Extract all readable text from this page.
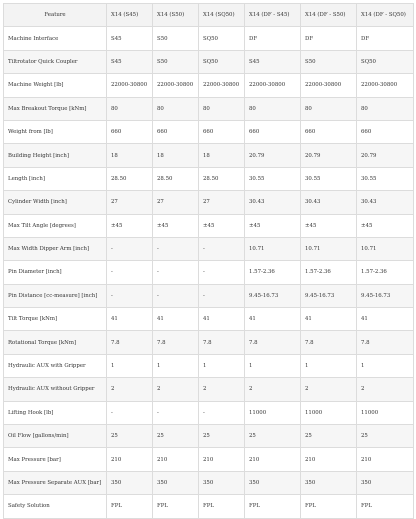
Feature	X14 (S45)	X14 (S50)	X14 (SQ50)	X14 (DF - S45)	X14 (DF - S50)	X14 (DF - SQ50)
Machine Interface	S45	S50	SQ50	DF	DF	DF
Tiltrotator Quick Coupler	S45	S50	SQ50	S45	S50	SQ50
Machine Weight [lb]	22000-30800	22000-30800	22000-30800	22000-30800	22000-30800	22000-30800
Max Breakout Torque [kNm]	80	80	80	80	80	80
Weight from [lb]	660	660	660	660	660	660
Building Height [inch]	18	18	18	20.79	20.79	20.79
Length [inch]	28.50	28.50	28.50	30.55	30.55	30.55
Cylinder Width [inch]	27	27	27	30.43	30.43	30.43
Max Tilt Angle [degrees]	±45	±45	±45	±45	±45	±45
Max Width Dipper Arm [inch]	-	-	-	10.71	10.71	10.71
Pin Diameter [inch]	-	-	-	1.57-2.36	1.57-2.36	1.57-2.36
Pin Distance [cc-measure] [inch]	-	-	-	9.45-16.73	9.45-16.73	9.45-16.73
Tilt Torque [kNm]	41	41	41	41	41	41
Rotational Torque [kNm]	7.8	7.8	7.8	7.8	7.8	7.8
Hydraulic AUX with Gripper	1	1	1	1	1	1
Hydraulic AUX without Gripper	2	2	2	2	2	2
Lifting Hook [lb]	-	-	-	11000	11000	11000
Oil Flow [gallons/min]	25	25	25	25	25	25
Max Pressure [bar]	210	210	210	210	210	210
Max Pressure Separate AUX [bar]	350	350	350	350	350	350
Safety Solution	FPL	FPL	FPL	FPL	FPL	FPL
